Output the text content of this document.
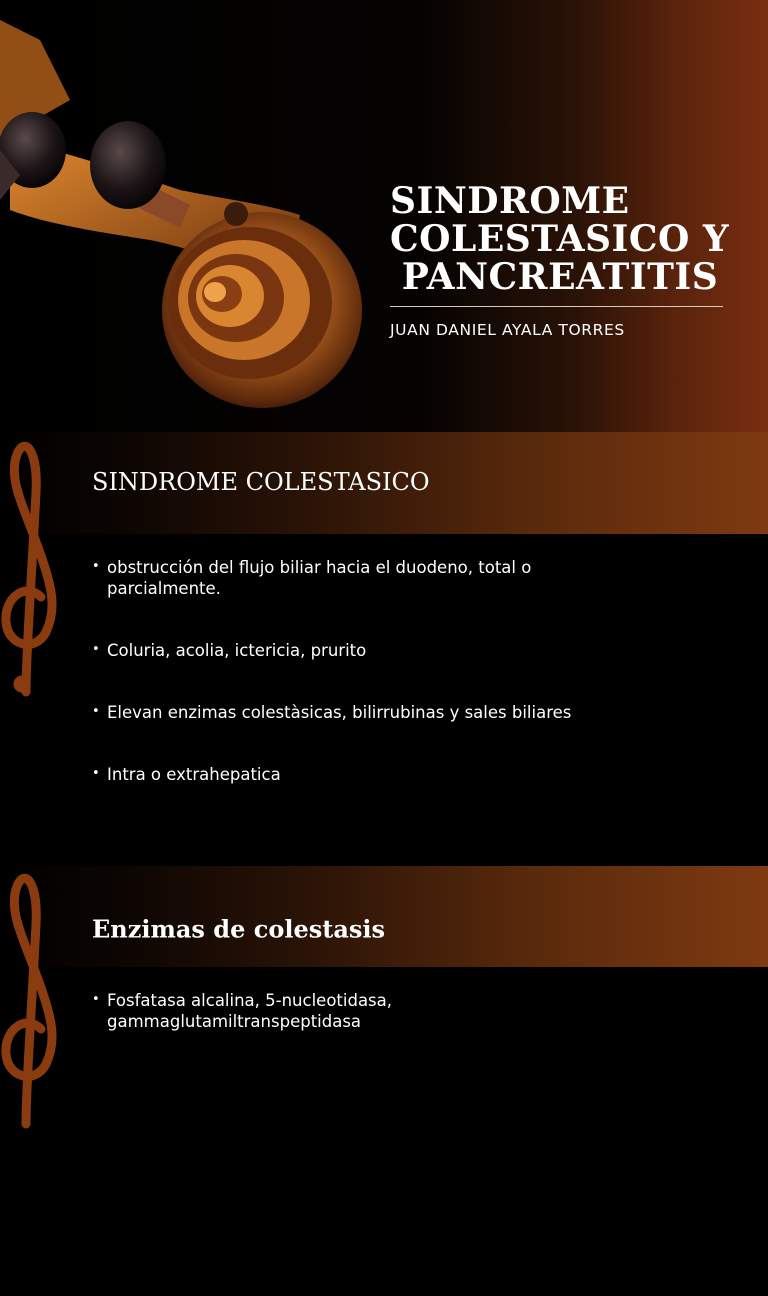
SINDROME
COLESTASICO Y
PANCREATITIS
JUAN DANIEL AYALA TORRES
SINDROME COLESTASICO
• obstrucción del flujo biliar hacia el duodeno, total o parcialmente.
• Coluria, acolia, ictericia, prurito
• Elevan enzimas colestàsicas, bilirrubinas y sales biliares
• Intra o extrahepatica
Enzimas de colestasis
• Fosfatasa alcalina, 5-nucleotidasa, gammaglutamiltranspeptidasa
